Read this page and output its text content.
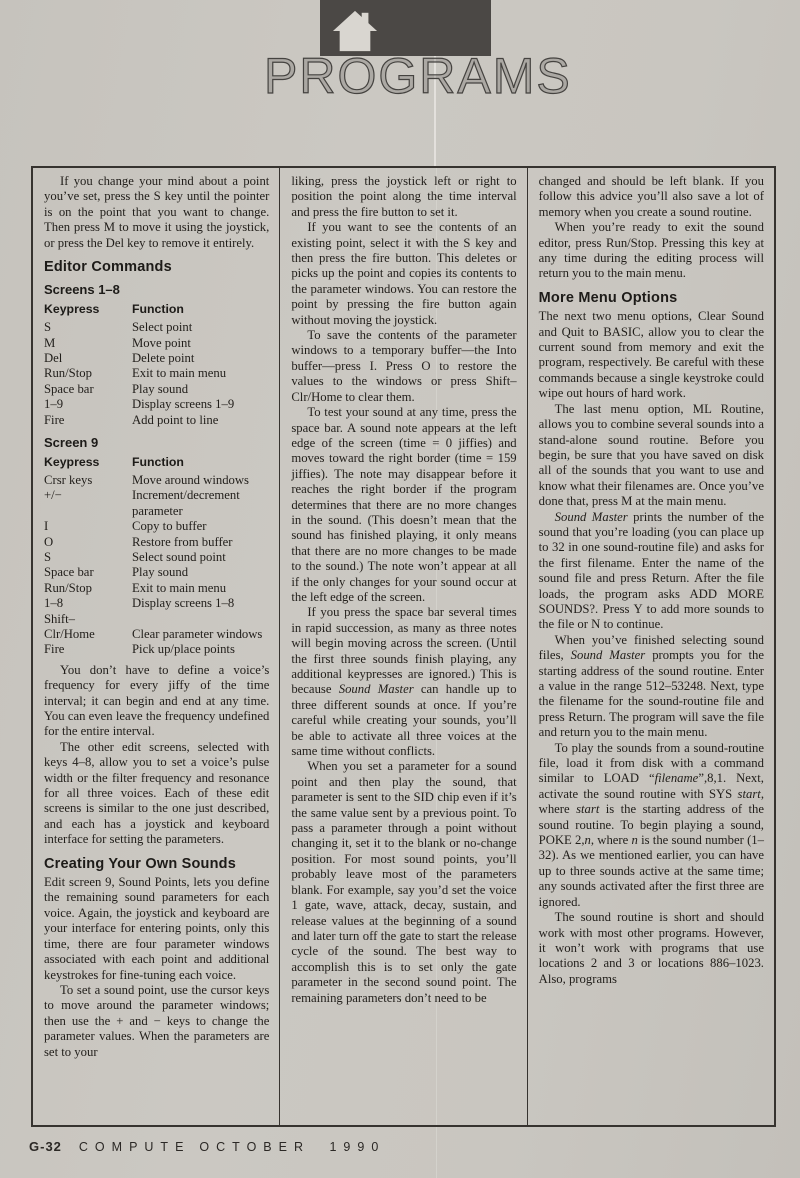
PROGRAMS

If you change your mind about a point you’ve set, press the S key until the pointer is on the point that you want to change. Then press M to move it using the joystick, or press the Del key to remove it entirely.

Editor Commands
Screens 1–8
Keypress	Function
S	Select point
M	Move point
Del	Delete point
Run/Stop	Exit to main menu
Space bar	Play sound
1–9	Display screens 1–9
Fire	Add point to line
Screen 9
Keypress	Function
Crsr keys	Move around windows
+/−	Increment/decrement parameter
I	Copy to buffer
O	Restore from buffer
S	Select sound point
Space bar	Play sound
Run/Stop	Exit to main menu
1–8	Display screens 1–8
Shift–
Clr/Home	Clear parameter windows
Fire	Pick up/place points

You don’t have to define a voice’s frequency for every jiffy of the time interval; it can begin and end at any time. You can even leave the frequency undefined for the entire interval.

The other edit screens, selected with keys 4–8, allow you to set a voice’s pulse width or the filter frequency and resonance for all three voices. Each of these edit screens is similar to the one just described, and each has a joystick and keyboard interface for setting the parameters.

Creating Your Own Sounds

Edit screen 9, Sound Points, lets you define the remaining sound parameters for each voice. Again, the joystick and keyboard are your interface for entering points, only this time, there are four parameter windows associated with each point and additional keystrokes for fine-tuning each voice.

To set a sound point, use the cursor keys to move around the parameter windows; then use the + and − keys to change the parameter values. When the parameters are set to your

liking, press the joystick left or right to position the point along the time interval and press the fire button to set it.

If you want to see the contents of an existing point, select it with the S key and then press the fire button. This deletes or picks up the point and copies its contents to the parameter windows. You can restore the point by pressing the fire button again without moving the joystick.

To save the contents of the parameter windows to a temporary buffer—the Into buffer—press I. Press O to restore the values to the windows or press Shift–Clr/Home to clear them.

To test your sound at any time, press the space bar. A sound note appears at the left edge of the screen (time = 0 jiffies) and moves toward the right border (time = 159 jiffies). The note may disappear before it reaches the right border if the program determines that there are no more changes in the sound. (This doesn’t mean that the sound has finished playing, it only means that there are no more changes to be made to the sound.) The note won’t appear at all if the only changes for your sound occur at the left edge of the screen.

If you press the space bar several times in rapid succession, as many as three notes will begin moving across the screen. (Until the first three sounds finish playing, any additional keypresses are ignored.) This is because Sound Master can handle up to three different sounds at once. If you’re careful while creating your sounds, you’ll be able to activate all three voices at the same time without conflicts.

When you set a parameter for a sound point and then play the sound, that parameter is sent to the SID chip even if it’s the same value sent by a previous point. To pass a parameter through a point without changing it, set it to the blank or no-change position. For most sound points, you’ll probably leave most of the parameters blank. For example, say you’d set the voice 1 gate, wave, attack, decay, sustain, and release values at the beginning of a sound and later turn off the gate to start the release cycle of the sound. The best way to accomplish this is to set only the gate parameter in the second sound point. The remaining parameters don’t need to be

changed and should be left blank. If you follow this advice you’ll also save a lot of memory when you create a sound routine.

When you’re ready to exit the sound editor, press Run/Stop. Pressing this key at any time during the editing process will return you to the main menu.

More Menu Options

The next two menu options, Clear Sound and Quit to BASIC, allow you to clear the current sound from memory and exit the program, respectively. Be careful with these commands because a single keystroke could wipe out hours of hard work.

The last menu option, ML Routine, allows you to combine several sounds into a stand-alone sound routine. Before you begin, be sure that you have saved on disk all of the sounds that you want to use and know what their filenames are. Once you’ve done that, press M at the main menu.

Sound Master prints the number of the sound that you’re loading (you can place up to 32 in one sound-routine file) and asks for the first filename. Enter the name of the sound file and press Return. After the file loads, the program asks ADD MORE SOUNDS?. Press Y to add more sounds to the file or N to continue.

When you’ve finished selecting sound files, Sound Master prompts you for the starting address of the sound routine. Enter a value in the range 512–53248. Next, type the filename for the sound-routine file and press Return. The program will save the file and return you to the main menu.

To play the sounds from a sound-routine file, load it from disk with a command similar to LOAD “filename”,8,1. Next, activate the sound routine with SYS start, where start is the starting address of the sound routine. To begin playing a sound, POKE 2,n, where n is the sound number (1–32). As we mentioned earlier, you can have up to three sounds active at the same time; any sounds activated after the first three are ignored.

The sound routine is short and should work with most other programs. However, it won’t work with programs that use locations 2 and 3 or locations 886–1023. Also, programs

G-32 COMPUTE OCTOBER 1990
